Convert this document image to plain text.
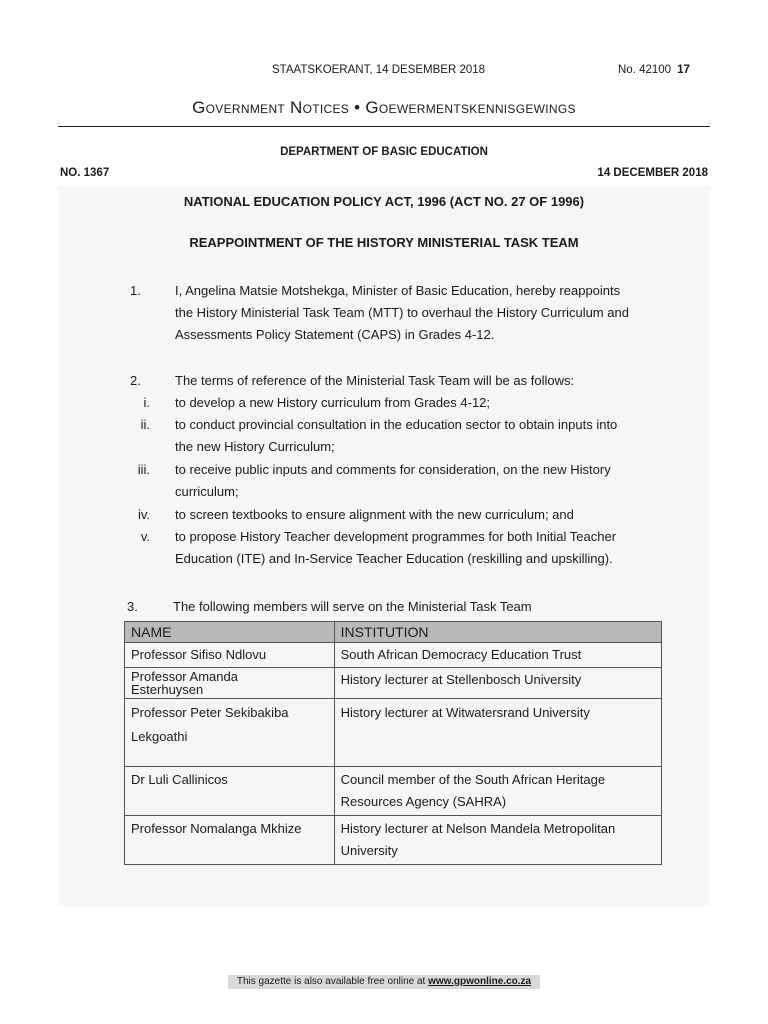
STAATSKOERANT, 14 DESEMBER 2018	No. 42100 17
Government Notices • Goewermentskennisgewings
DEPARTMENT OF BASIC EDUCATION
NO. 1367	14 DECEMBER 2018
NATIONAL EDUCATION POLICY ACT, 1996 (ACT NO. 27 OF 1996)
REAPPOINTMENT OF THE HISTORY MINISTERIAL TASK TEAM
1.	I, Angelina Matsie Motshekga, Minister of Basic Education, hereby reappoints
the History Ministerial Task Team (MTT) to overhaul the History Curriculum and
Assessments Policy Statement (CAPS) in Grades 4-12.
2.	The terms of reference of the Ministerial Task Team will be as follows:
i. to develop a new History curriculum from Grades 4-12;
ii. to conduct provincial consultation in the education sector to obtain inputs into
the new History Curriculum;
iii. to receive public inputs and comments for consideration, on the new History
curriculum;
iv. to screen textbooks to ensure alignment with the new curriculum; and
v. to propose History Teacher development programmes for both Initial Teacher
Education (ITE) and In-Service Teacher Education (reskilling and upskilling).
3.	The following members will serve on the Ministerial Task Team
NAME	INSTITUTION

Professor Sifiso Ndlovu	South African Democracy Education Trust

Professor Amanda
Esterhuysen	History lecturer at Stellenbosch University

Professor Peter Sekibakiba
Lekgoathi	History lecturer at Witwatersrand University

Dr Luli Callinicos	Council member of the South African Heritage
Resources Agency (SAHRA)

Professor Nomalanga Mkhize	History lecturer at Nelson Mandela Metropolitan
University
This gazette is also available free online at www.gpwonline.co.za
